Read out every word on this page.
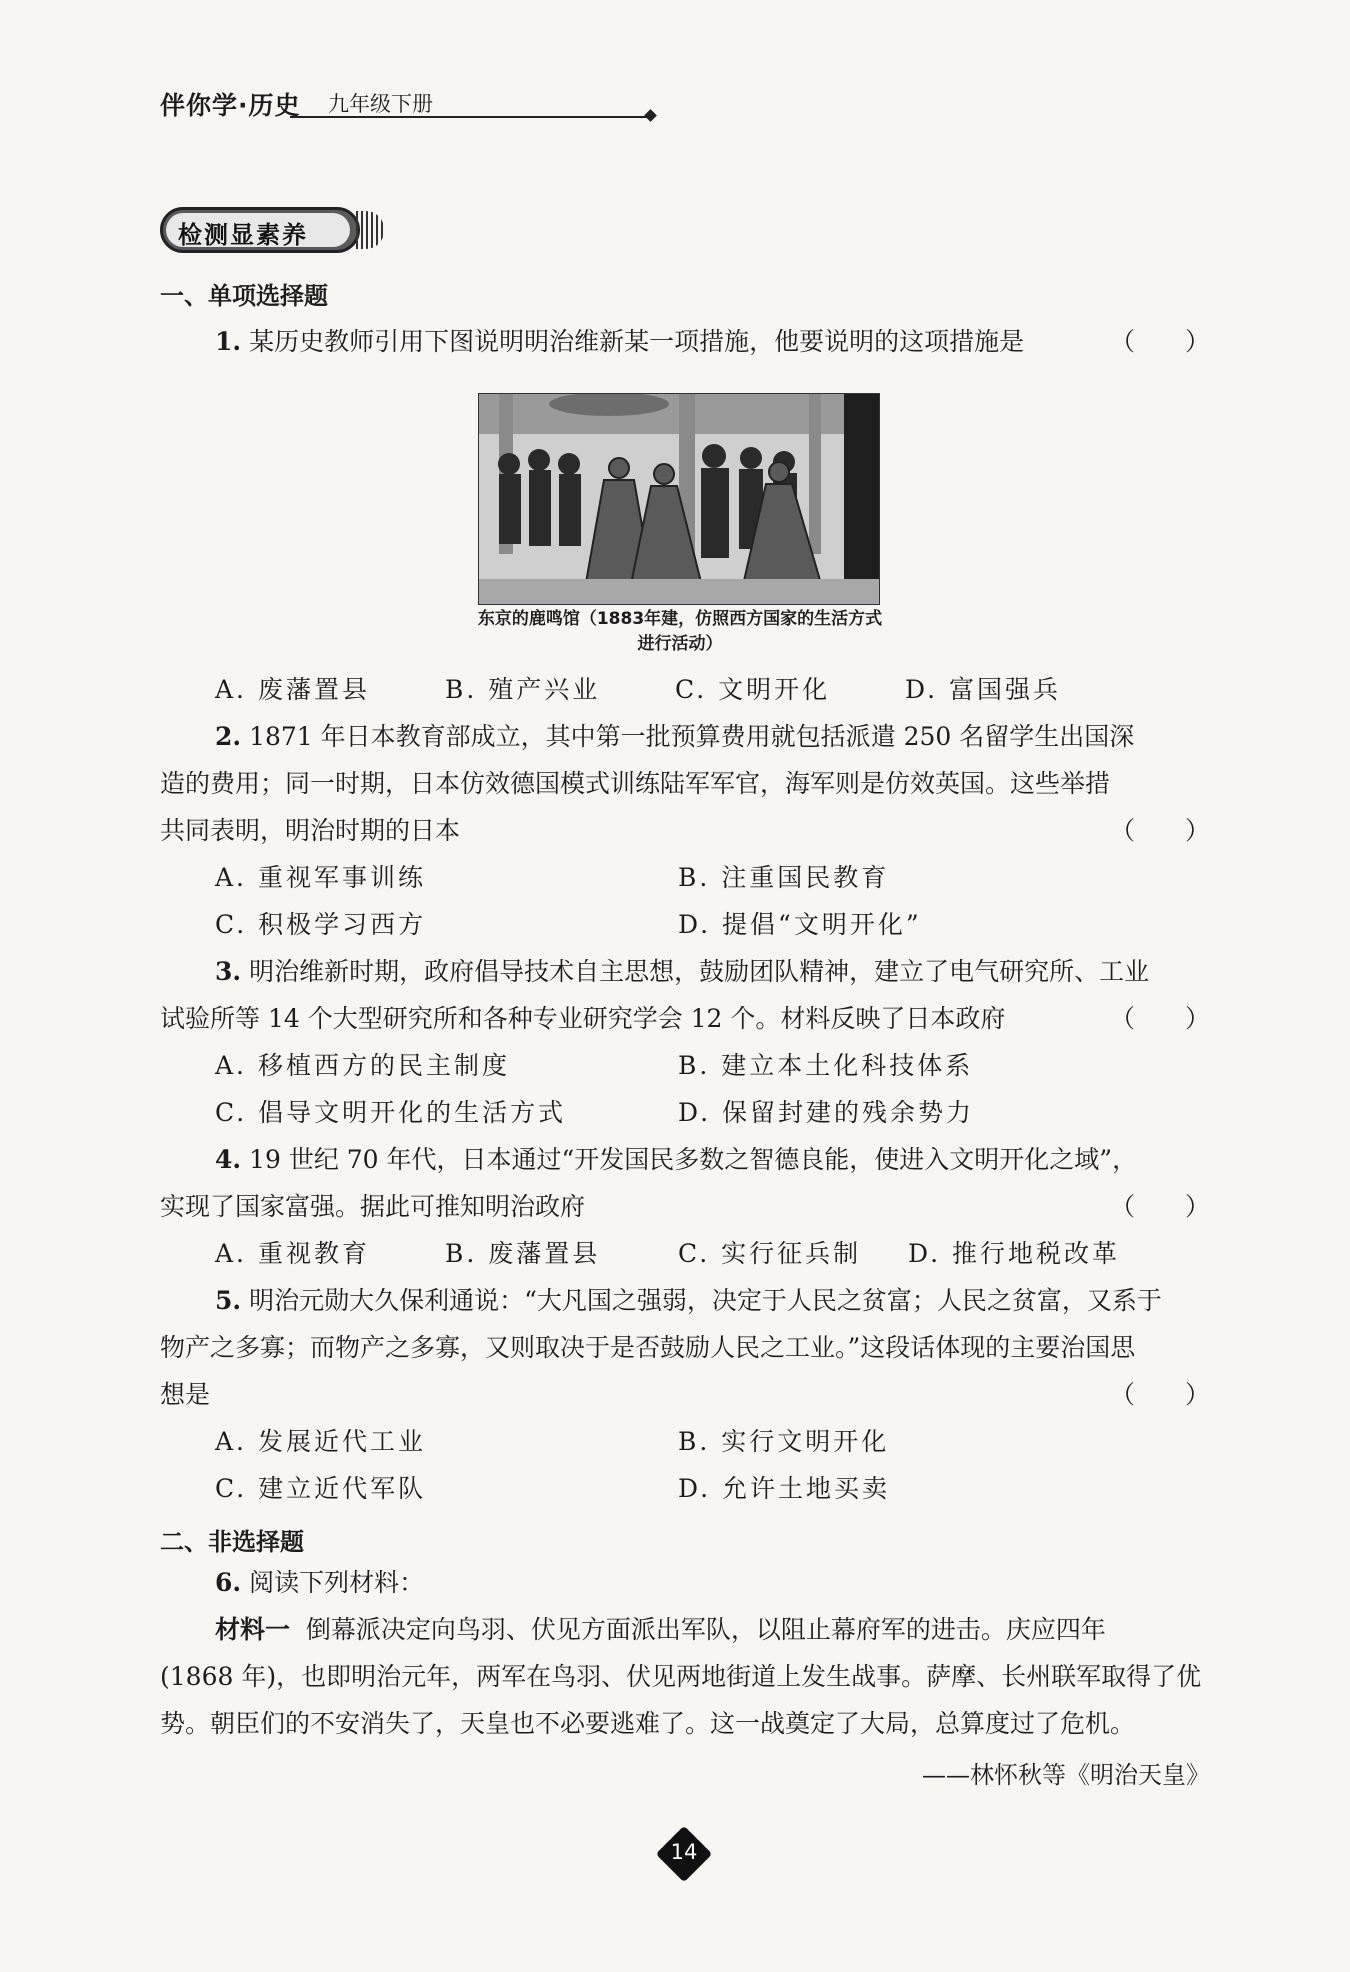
伴你学·历史 九年级下册
检测显素养
一、单项选择题
1. 某历史教师引用下图说明明治维新某一项措施，他要说明的这项措施是	（　　）
东京的鹿鸣馆（1883年建，仿照西方国家的生活方式进行活动）
A. 废藩置县	B. 殖产兴业	C. 文明开化	D. 富国强兵
2. 1871 年日本教育部成立，其中第一批预算费用就包括派遣 250 名留学生出国深
造的费用；同一时期，日本仿效德国模式训练陆军军官，海军则是仿效英国。这些举措
共同表明，明治时期的日本	（　　）
A. 重视军事训练	B. 注重国民教育
C. 积极学习西方	D. 提倡“文明开化”
3. 明治维新时期，政府倡导技术自主思想，鼓励团队精神，建立了电气研究所、工业
试验所等 14 个大型研究所和各种专业研究学会 12 个。材料反映了日本政府	（　　）
A. 移植西方的民主制度	B. 建立本土化科技体系
C. 倡导文明开化的生活方式	D. 保留封建的残余势力
4. 19 世纪 70 年代，日本通过“开发国民多数之智德良能，使进入文明开化之域”，
实现了国家富强。据此可推知明治政府	（　　）
A. 重视教育	B. 废藩置县	C. 实行征兵制 D. 推行地税改革
5. 明治元勋大久保利通说：“大凡国之强弱，决定于人民之贫富；人民之贫富，又系于
物产之多寡；而物产之多寡，又则取决于是否鼓励人民之工业。”这段话体现的主要治国思
想是	（　　）
A. 发展近代工业	B. 实行文明开化
C. 建立近代军队	D. 允许土地买卖
二、非选择题
6. 阅读下列材料：
材料一 倒幕派决定向鸟羽、伏见方面派出军队，以阻止幕府军的进击。庆应四年
(1868 年)，也即明治元年，两军在鸟羽、伏见两地街道上发生战事。萨摩、长州联军取得了优
势。朝臣们的不安消失了，天皇也不必要逃难了。这一战奠定了大局，总算度过了危机。
——林怀秋等《明治天皇》
14
